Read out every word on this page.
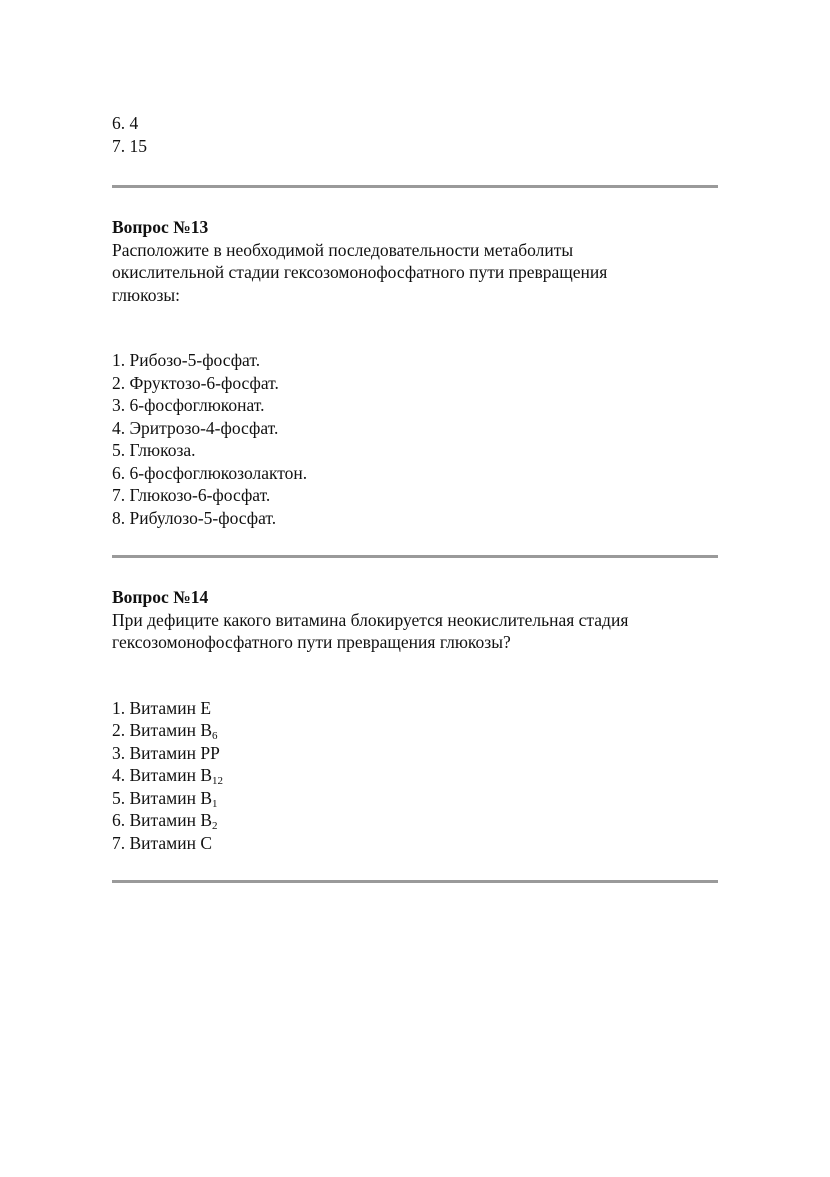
6. 4
7. 15
Вопрос №13
Расположите в необходимой последовательности метаболиты
окислительной стадии гексозомонофосфатного пути превращения
глюкозы:
1. Рибозо-5-фосфат.
2. Фруктозо-6-фосфат.
3. 6-фосфоглюконат.
4. Эритрозо-4-фосфат.
5. Глюкоза.
6. 6-фосфоглюкозолактон.
7. Глюкозо-6-фосфат.
8. Рибулозо-5-фосфат.
Вопрос №14
При дефиците какого витамина блокируется неокислительная стадия
гексозомонофосфатного пути превращения глюкозы?
1. Витамин Е
2. Витамин $В_6$
3. Витамин РР
4. Витамин $В_{12}$
5. Витамин $В_1$
6. Витамин $В_2$
7. Витамин С
